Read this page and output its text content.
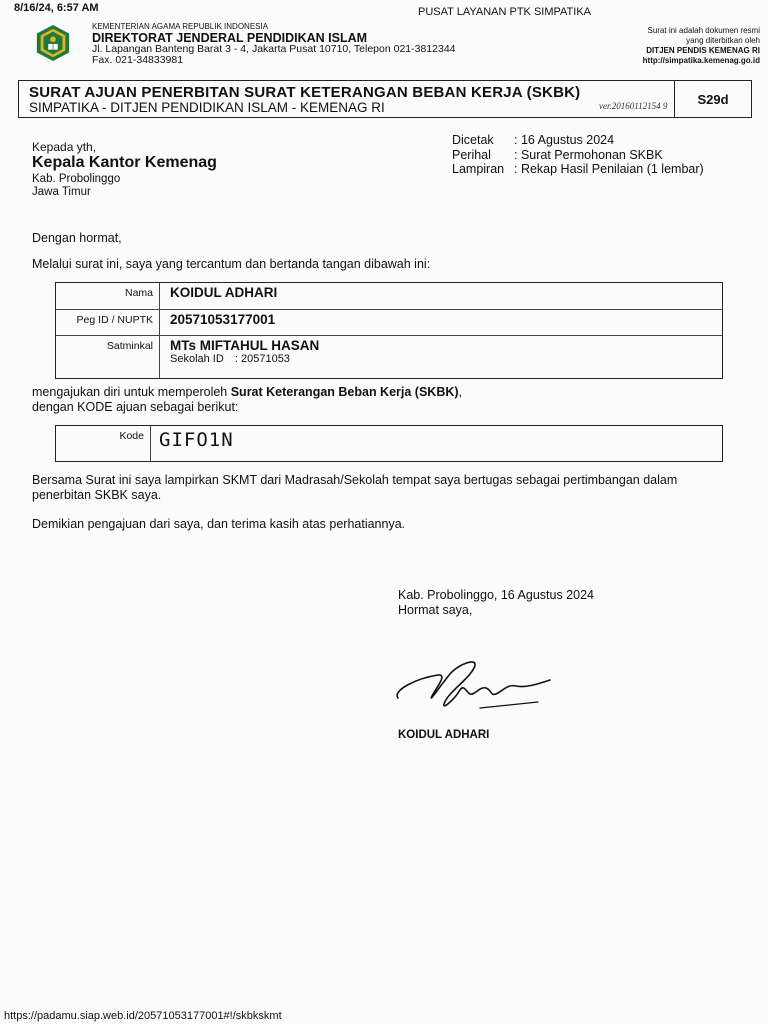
8/16/24, 6:57 AM	PUSAT LAYANAN PTK SIMPATIKA
KEMENTERIAN AGAMA REPUBLIK INDONESIA
DIREKTORAT JENDERAL PENDIDIKAN ISLAM
Jl. Lapangan Banteng Barat 3 - 4, Jakarta Pusat 10710, Telepon 021-3812344
Fax. 021-34833981
Surat ini adalah dokumen resmi
yang diterbitkan oleh
DITJEN PENDIS KEMENAG RI
http://simpatika.kemenag.go.id
SURAT AJUAN PENERBITAN SURAT KETERANGAN BEBAN KERJA (SKBK)
SIMPATIKA - DITJEN PENDIDIKAN ISLAM - KEMENAG RI	ver.20160112154 9	S29d
Kepada yth,
Kepala Kantor Kemenag
Kab. Probolinggo
Jawa Timur
Dicetak	: 16 Agustus 2024
Perihal	: Surat Permohonan SKBK
Lampiran	: Rekap Hasil Penilaian (1 lembar)
Dengan hormat,
Melalui surat ini, saya yang tercantum dan bertanda tangan dibawah ini:
Nama	KOIDUL ADHARI
Peg ID / NUPTK	20571053177001
Satminkal	MTs MIFTAHUL HASAN
Sekolah ID : 20571053
mengajukan diri untuk memperoleh Surat Keterangan Beban Kerja (SKBK),
dengan KODE ajuan sebagai berikut:
Kode GIFO1N
Bersama Surat ini saya lampirkan SKMT dari Madrasah/Sekolah tempat saya bertugas sebagai pertimbangan dalam
penerbitan SKBK saya.
Demikian pengajuan dari saya, dan terima kasih atas perhatiannya.
Kab. Probolinggo, 16 Agustus 2024
Hormat saya,
KOIDUL ADHARI
https://padamu.siap.web.id/20571053177001#!/skbkskmt
